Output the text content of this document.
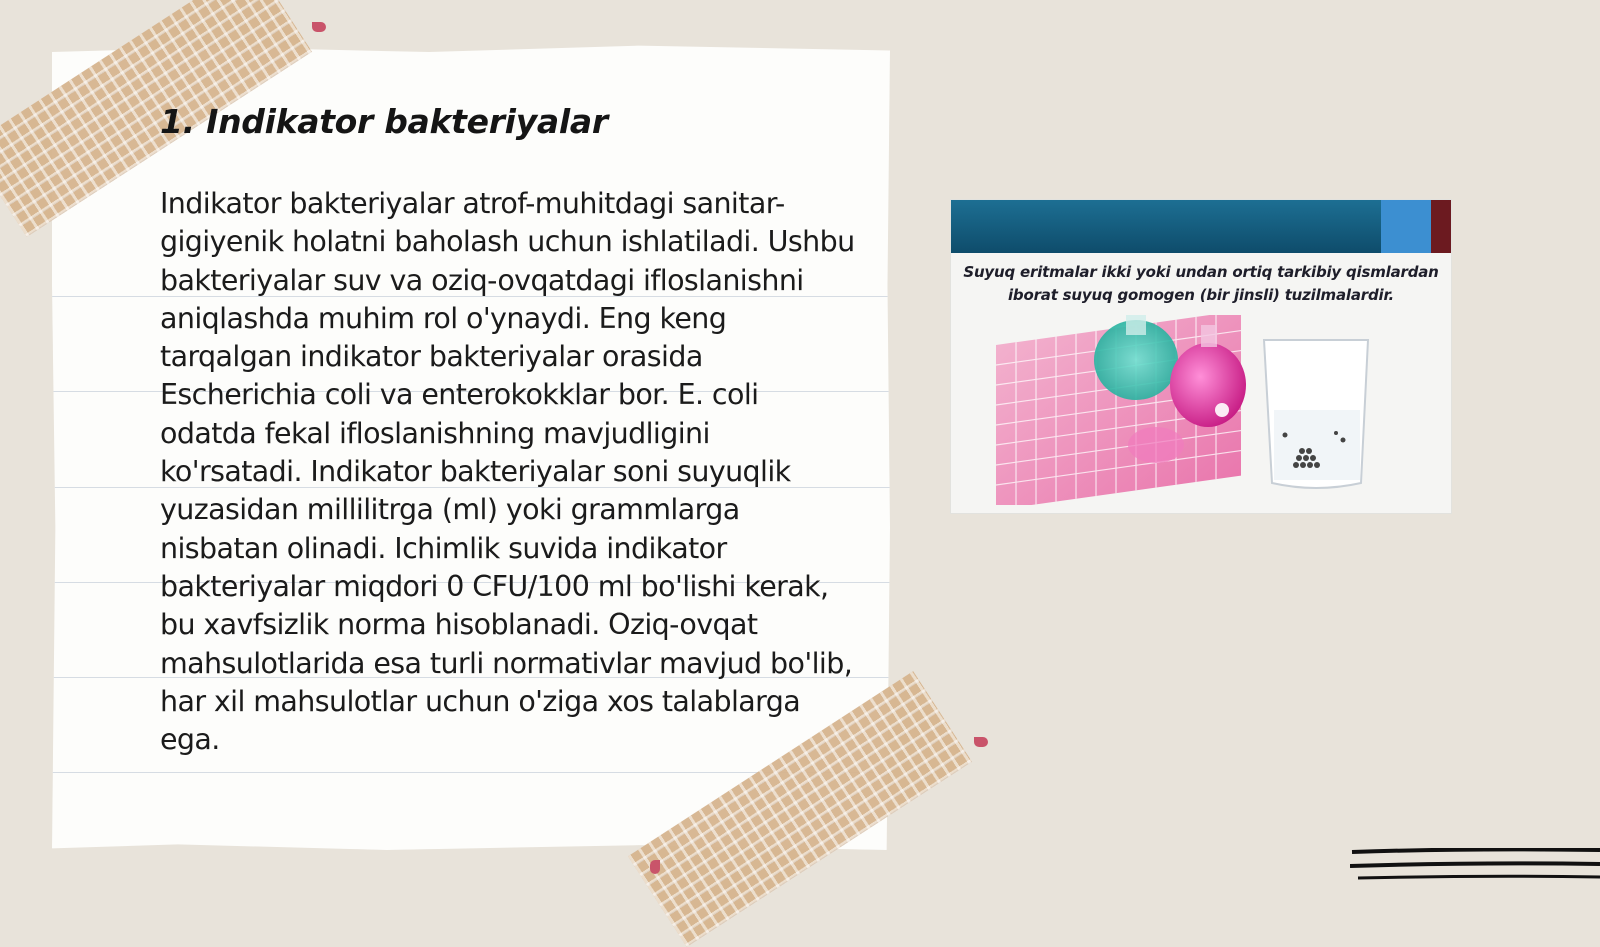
1. Indikator bakteriyalar

Indikator bakteriyalar atrof-muhitdagi sanitar-gigiyenik holatni baholash uchun ishlatiladi. Ushbu bakteriyalar suv va oziq-ovqatdagi ifloslanishni aniqlashda muhim rol o'ynaydi. Eng keng tarqalgan indikator bakteriyalar orasida Escherichia coli va enterokokklar bor. E. coli odatda fekal ifloslanishning mavjudligini ko'rsatadi. Indikator bakteriyalar soni suyuqlik yuzasidan millilitrga (ml) yoki grammlarga nisbatan olinadi. Ichimlik suvida indikator bakteriyalar miqdori 0 CFU/100 ml bo'lishi kerak, bu xavfsizlik norma hisoblanadi. Oziq-ovqat mahsulotlarida esa turli normativlar mavjud bo'lib, har xil mahsulotlar uchun o'ziga xos talablarga ega.

Suyuq eritmalar ikki yoki undan ortiq tarkibiy qismlardan iborat suyuq gomogen (bir jinsli) tuzilmalardir.
